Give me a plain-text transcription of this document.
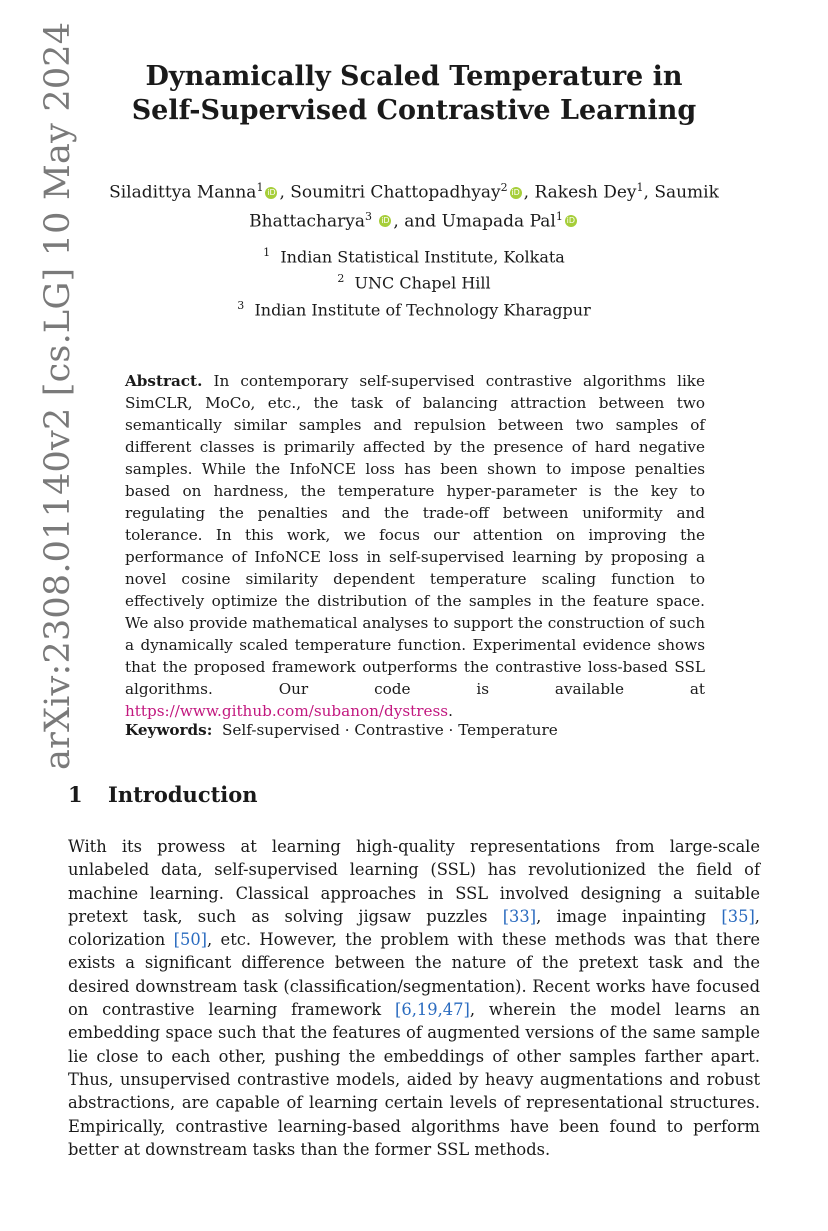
arXiv:2308.01140v2 [cs.LG] 10 May 2024	Dynamically Scaled Temperature in
Self-Supervised Contrastive Learning
Siladittya Manna$^1$ iD , Soumitri Chattopadhyay$^2$ iD , Rakesh Dey$^1$, Saumik Bhattacharya$^3$ iD , and Umapada Pal$^1$ iD
$^1$ Indian Statistical Institute, Kolkata
$^2$ UNC Chapel Hill
$^3$ Indian Institute of Technology Kharagpur
Abstract. In contemporary self-supervised contrastive algorithms like SimCLR, MoCo, etc., the task of balancing attraction between two semantically similar samples and repulsion between two samples of different classes is primarily affected by the presence of hard negative samples. While the InfoNCE loss has been shown to impose penalties based on hardness, the temperature hyper-parameter is the key to regulating the penalties and the trade-off between uniformity and tolerance. In this work, we focus our attention on improving the performance of InfoNCE loss in self-supervised learning by proposing a novel cosine similarity dependent temperature scaling function to effectively optimize the distribution of the samples in the feature space. We also provide mathematical analyses to support the construction of such a dynamically scaled temperature function. Experimental evidence shows that the proposed framework outperforms the contrastive loss-based SSL algorithms. Our code is available at https://www.github.com/subanon/dystress.
Keywords: Self-supervised · Contrastive · Temperature
1 Introduction
With its prowess at learning high-quality representations from large-scale unlabeled data, self-supervised learning (SSL) has revolutionized the field of machine learning. Classical approaches in SSL involved designing a suitable pretext task, such as solving jigsaw puzzles [33], image inpainting [35], colorization [50], etc. However, the problem with these methods was that there exists a significant difference between the nature of the pretext task and the desired downstream task (classification/segmentation). Recent works have focused on contrastive learning framework [6,19,47], wherein the model learns an embedding space such that the features of augmented versions of the same sample lie close to each other, pushing the embeddings of other samples farther apart. Thus, unsupervised contrastive models, aided by heavy augmentations and robust abstractions, are capable of learning certain levels of representational structures. Empirically, contrastive learning-based algorithms have been found to perform better at downstream tasks than the former SSL methods.
